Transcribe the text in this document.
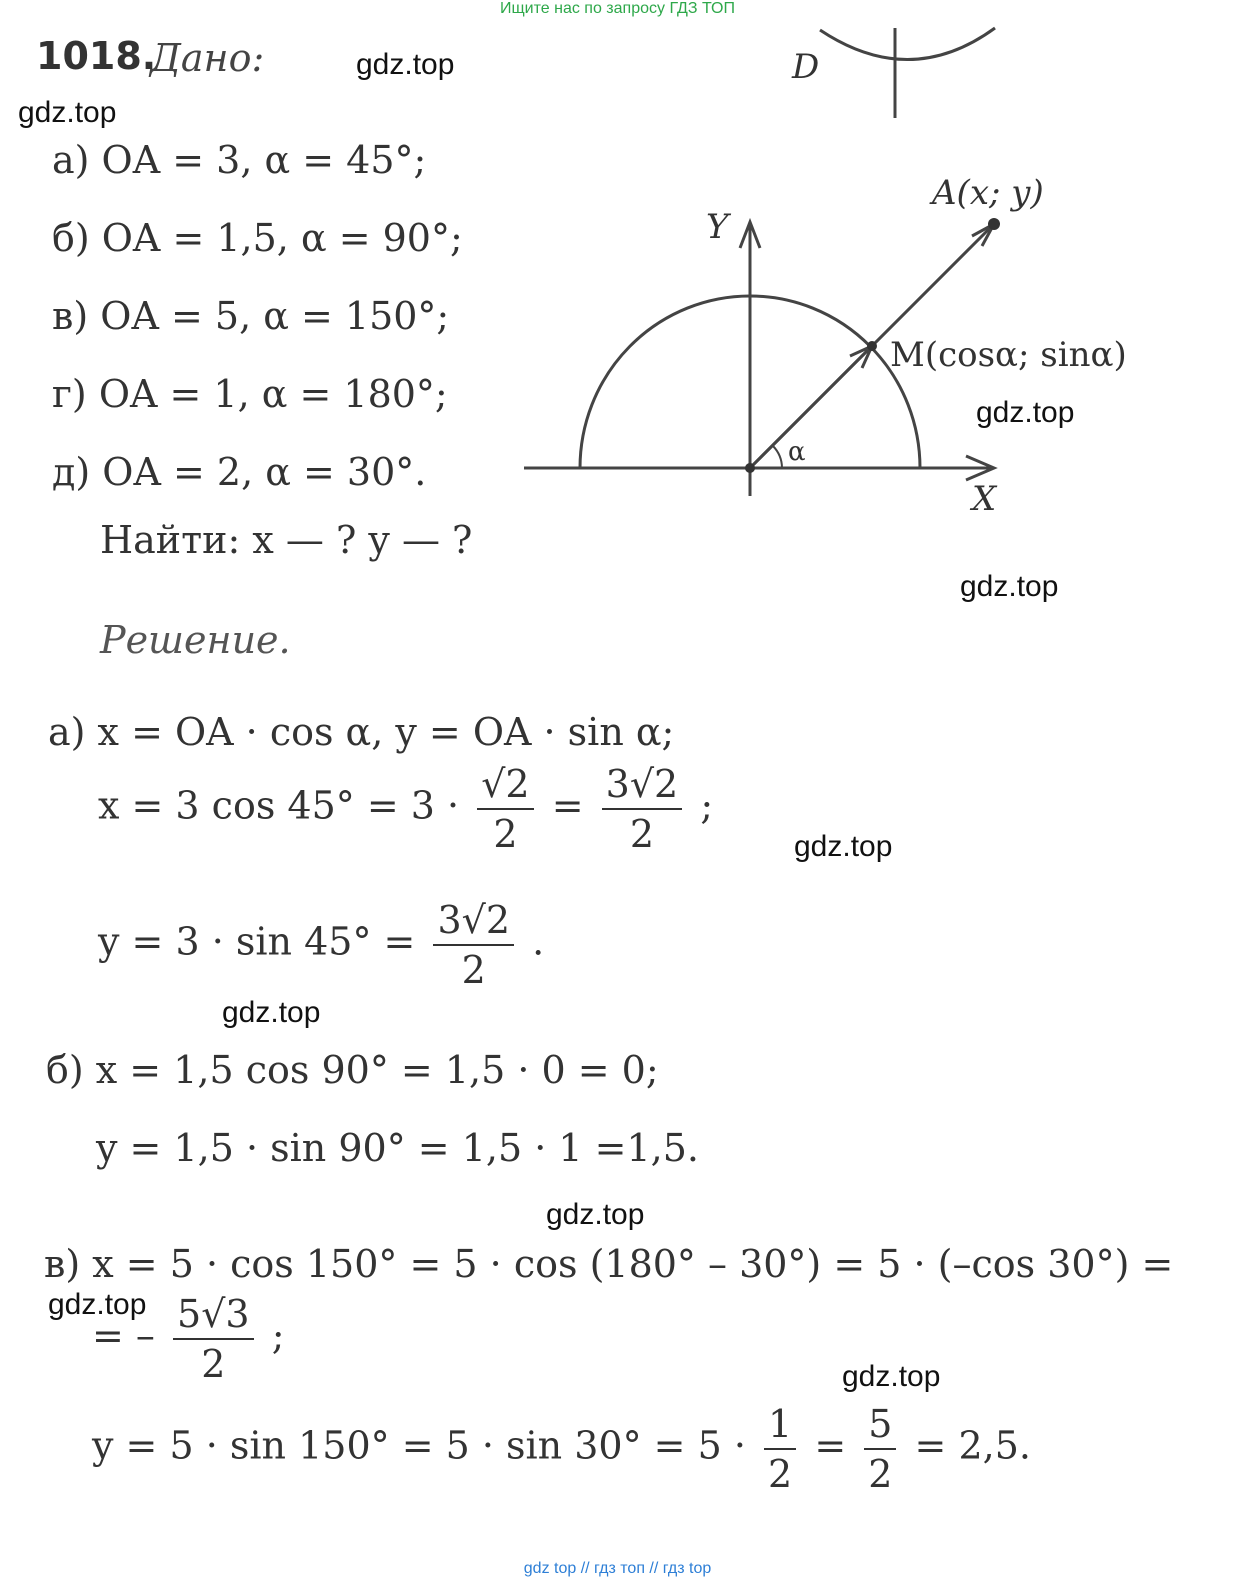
Ищите нас по запросу ГДЗ ТОП
D
1018.
Дано:
а) OA = 3, α = 45°;
б) OA = 1,5, α = 90°;
в) OA = 5, α = 150°;
г) OA = 1, α = 180°;
д) OA = 2, α = 30°.
Найти: x — ? y — ?
Y
X
A(x; y)
M(cosα; sinα)
α
Решение.
а) x = OA · cos α, y = OA · sin α;
x = 3 $\cos 45^\circ = 3 \cdot \frac{√2}{2} = \frac{3√2}{2}$ ;
$y = 3 \cdot \sin 45^\circ = \frac{3√2}{2}$ .
б) x = 1,5 cos 90° = 1,5 · 0 = 0;
y = 1,5 · sin 90° = 1,5 · 1 =1,5.
в) x = 5 · cos 150° = 5 · cos (180° – 30°) = 5 · (–cos 30°) =
= – $\frac{5√3}{2}$ ;
$y = 5 \cdot \sin 150^\circ = 5 \cdot \sin 30^\circ = 5 \cdot \frac{1}{2} = \frac{5}{2} = 2,5$.
gdz.top
gdz.top
gdz.top
gdz.top
gdz.top
gdz.top
gdz.top
gdz.top
gdz.top
gdz top // гдз топ // гдз top
